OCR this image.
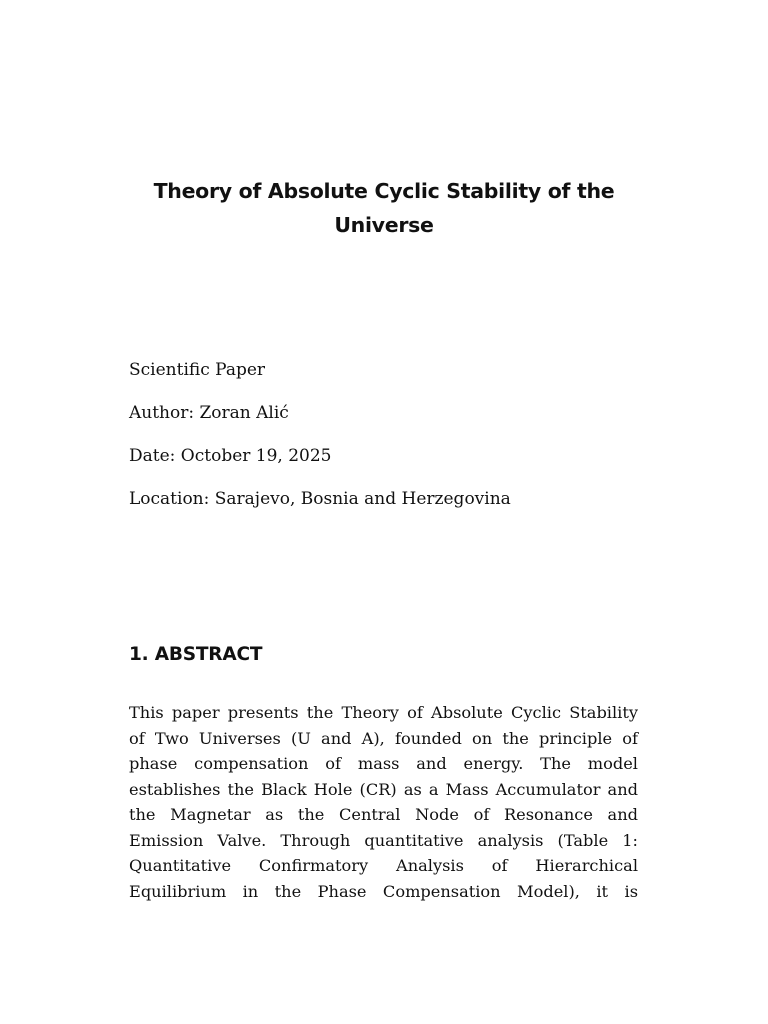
Theory of Absolute Cyclic Stability of the
Universe

Scientific Paper

Author: Zoran Alić

Date: October 19, 2025

Location: Sarajevo, Bosnia and Herzegovina

1. ABSTRACT
This paper presents the Theory of Absolute Cyclic Stability
of Two Universes (U and A), founded on the principle of
phase compensation of mass and energy. The model
establishes the Black Hole (CR) as a Mass Accumulator and
the Magnetar as the Central Node of Resonance and
Emission Valve. Through quantitative analysis (Table 1:
Quantitative Confirmatory Analysis of Hierarchical
Equilibrium in the Phase Compensation Model), it is
